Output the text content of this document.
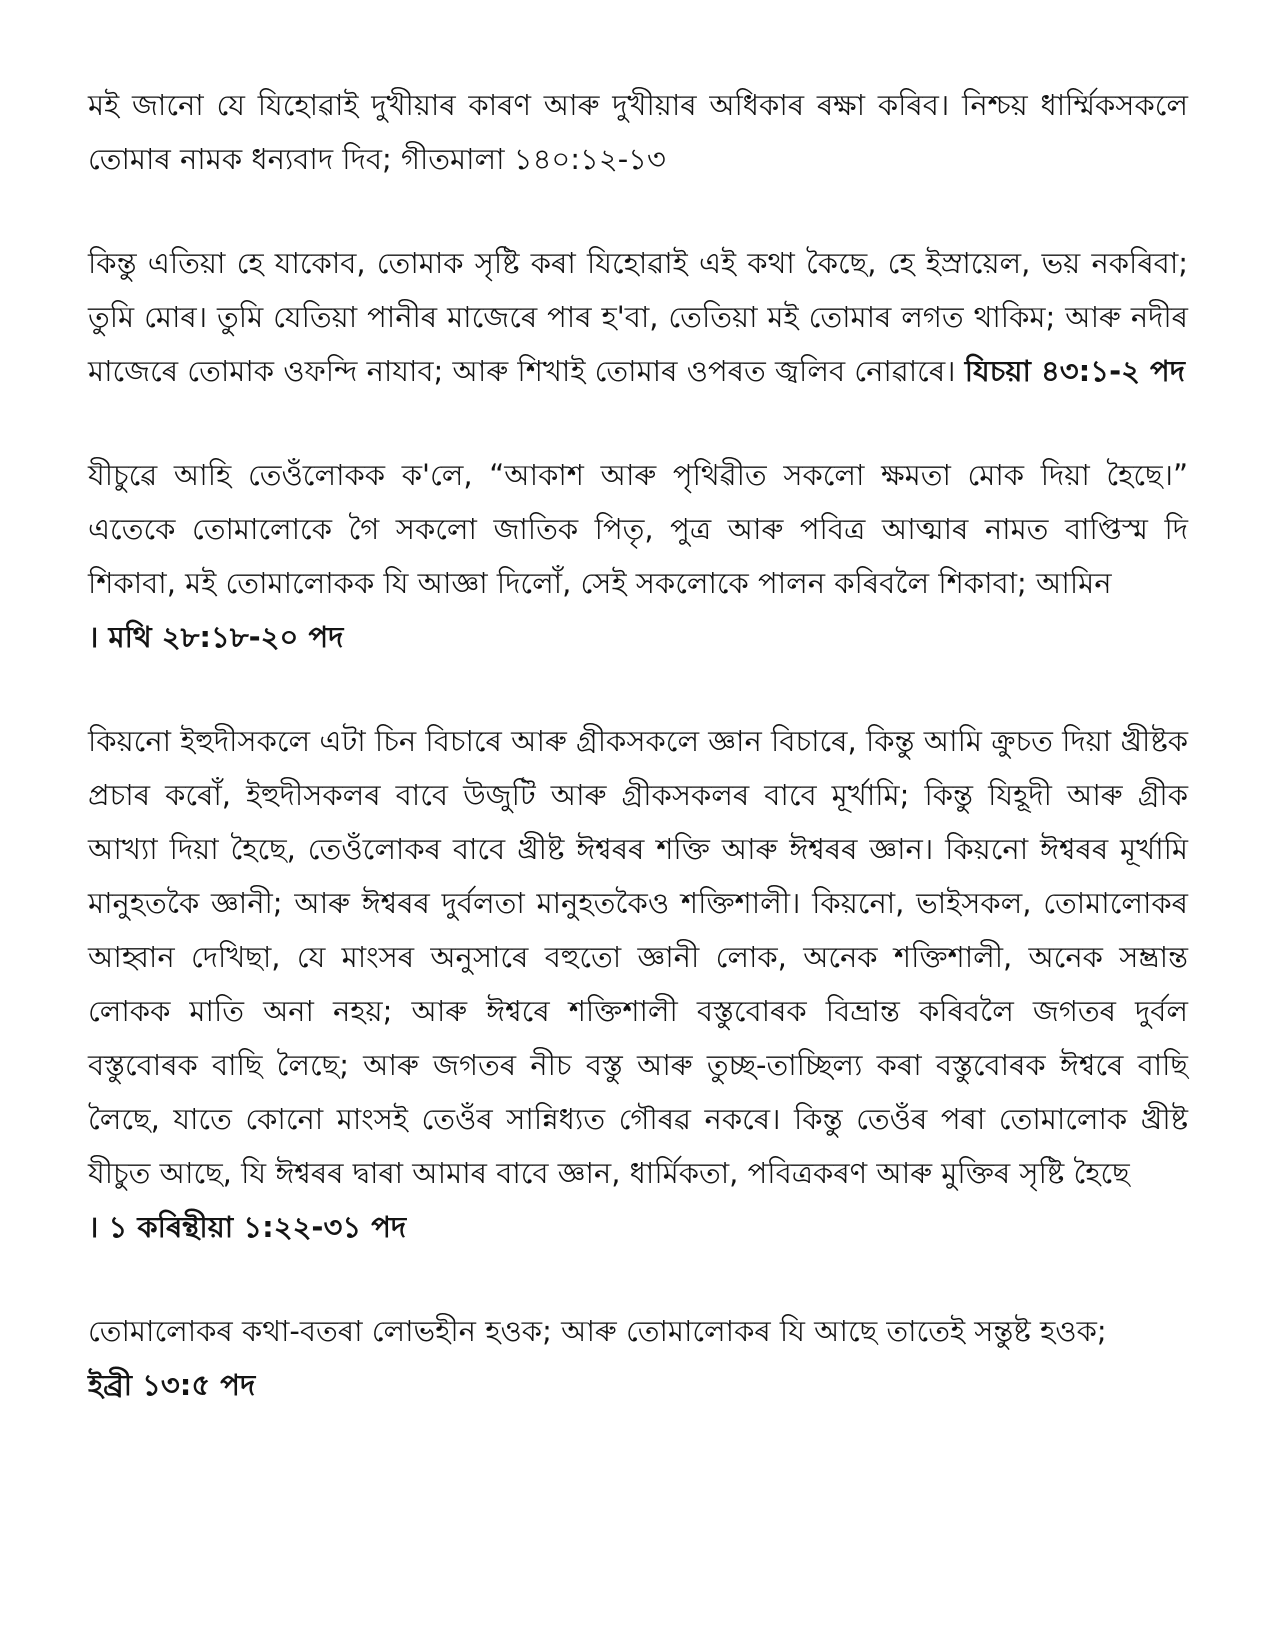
মই জানো যে যিহোৱাই দুখীয়াৰ কাৰণ আৰু দুখীয়াৰ অধিকাৰ ৰক্ষা কৰিব। নিশ্চয় ধাৰ্ম্মিকসকলে তোমাৰ নামক ধন্যবাদ দিব; গীতমালা ১৪০:১২-১৩

কিন্তু এতিয়া হে যাকোব, তোমাক সৃষ্টি কৰা যিহোৱাই এই কথা কৈছে, হে ইস্ৰায়েল, ভয় নকৰিবা; তুমি মোৰ। তুমি যেতিয়া পানীৰ মাজেৰে পাৰ হ'বা, তেতিয়া মই তোমাৰ লগত থাকিম; আৰু নদীৰ মাজেৰে তোমাক ওফন্দি নাযাব; আৰু শিখাই তোমাৰ ওপৰত জ্বলিব নোৱাৰে। যিচয়া ৪৩:১-২ পদ

যীচুৱে আহি তেওঁলোকক ক'লে, “আকাশ আৰু পৃথিৱীত সকলো ক্ষমতা মোক দিয়া হৈছে।” এতেকে তোমালোকে গৈ সকলো জাতিক পিতৃ, পুত্ৰ আৰু পবিত্ৰ আত্মাৰ নামত বাপ্তিস্ম দি শিকাবা, মই তোমালোকক যি আজ্ঞা দিলোঁ, সেই সকলোকে পালন কৰিবলৈ শিকাবা; আমিন
। মথি ২৮:১৮-২০ পদ

কিয়নো ইহুদীসকলে এটা চিন বিচাৰে আৰু গ্ৰীকসকলে জ্ঞান বিচাৰে, কিন্তু আমি ক্ৰুচত দিয়া খ্ৰীষ্টক প্ৰচাৰ কৰোঁ, ইহুদীসকলৰ বাবে উজুটি আৰু গ্ৰীকসকলৰ বাবে মূৰ্খামি; কিন্তু যিহূদী আৰু গ্ৰীক আখ্যা দিয়া হৈছে, তেওঁলোকৰ বাবে খ্ৰীষ্ট ঈশ্বৰৰ শক্তি আৰু ঈশ্বৰৰ জ্ঞান। কিয়নো ঈশ্বৰৰ মূৰ্খামি মানুহতকৈ জ্ঞানী; আৰু ঈশ্বৰৰ দুৰ্বলতা মানুহতকৈও শক্তিশালী। কিয়নো, ভাইসকল, তোমালোকৰ আহ্বান দেখিছা, যে মাংসৰ অনুসাৰে বহুতো জ্ঞানী লোক, অনেক শক্তিশালী, অনেক সম্ভ্ৰান্ত লোকক মাতি অনা নহয়; আৰু ঈশ্বৰে শক্তিশালী বস্তুবোৰক বিভ্ৰান্ত কৰিবলৈ জগতৰ দুৰ্বল বস্তুবোৰক বাছি লৈছে; আৰু জগতৰ নীচ বস্তু আৰু তুচ্ছ-তাচ্ছিল্য কৰা বস্তুবোৰক ঈশ্বৰে বাছি লৈছে, যাতে কোনো মাংসই তেওঁৰ সান্নিধ্যত গৌৰৱ নকৰে। কিন্তু তেওঁৰ পৰা তোমালোক খ্ৰীষ্ট যীচুত আছে, যি ঈশ্বৰৰ দ্বাৰা আমাৰ বাবে জ্ঞান, ধাৰ্মিকতা, পবিত্ৰকৰণ আৰু মুক্তিৰ সৃষ্টি হৈছে
। ১ কৰিন্থীয়া ১:২২-৩১ পদ

তোমালোকৰ কথা-বতৰা লোভহীন হওক; আৰু তোমালোকৰ যি আছে তাতেই সন্তুষ্ট হওক;
ইব্ৰী ১৩:৫ পদ
